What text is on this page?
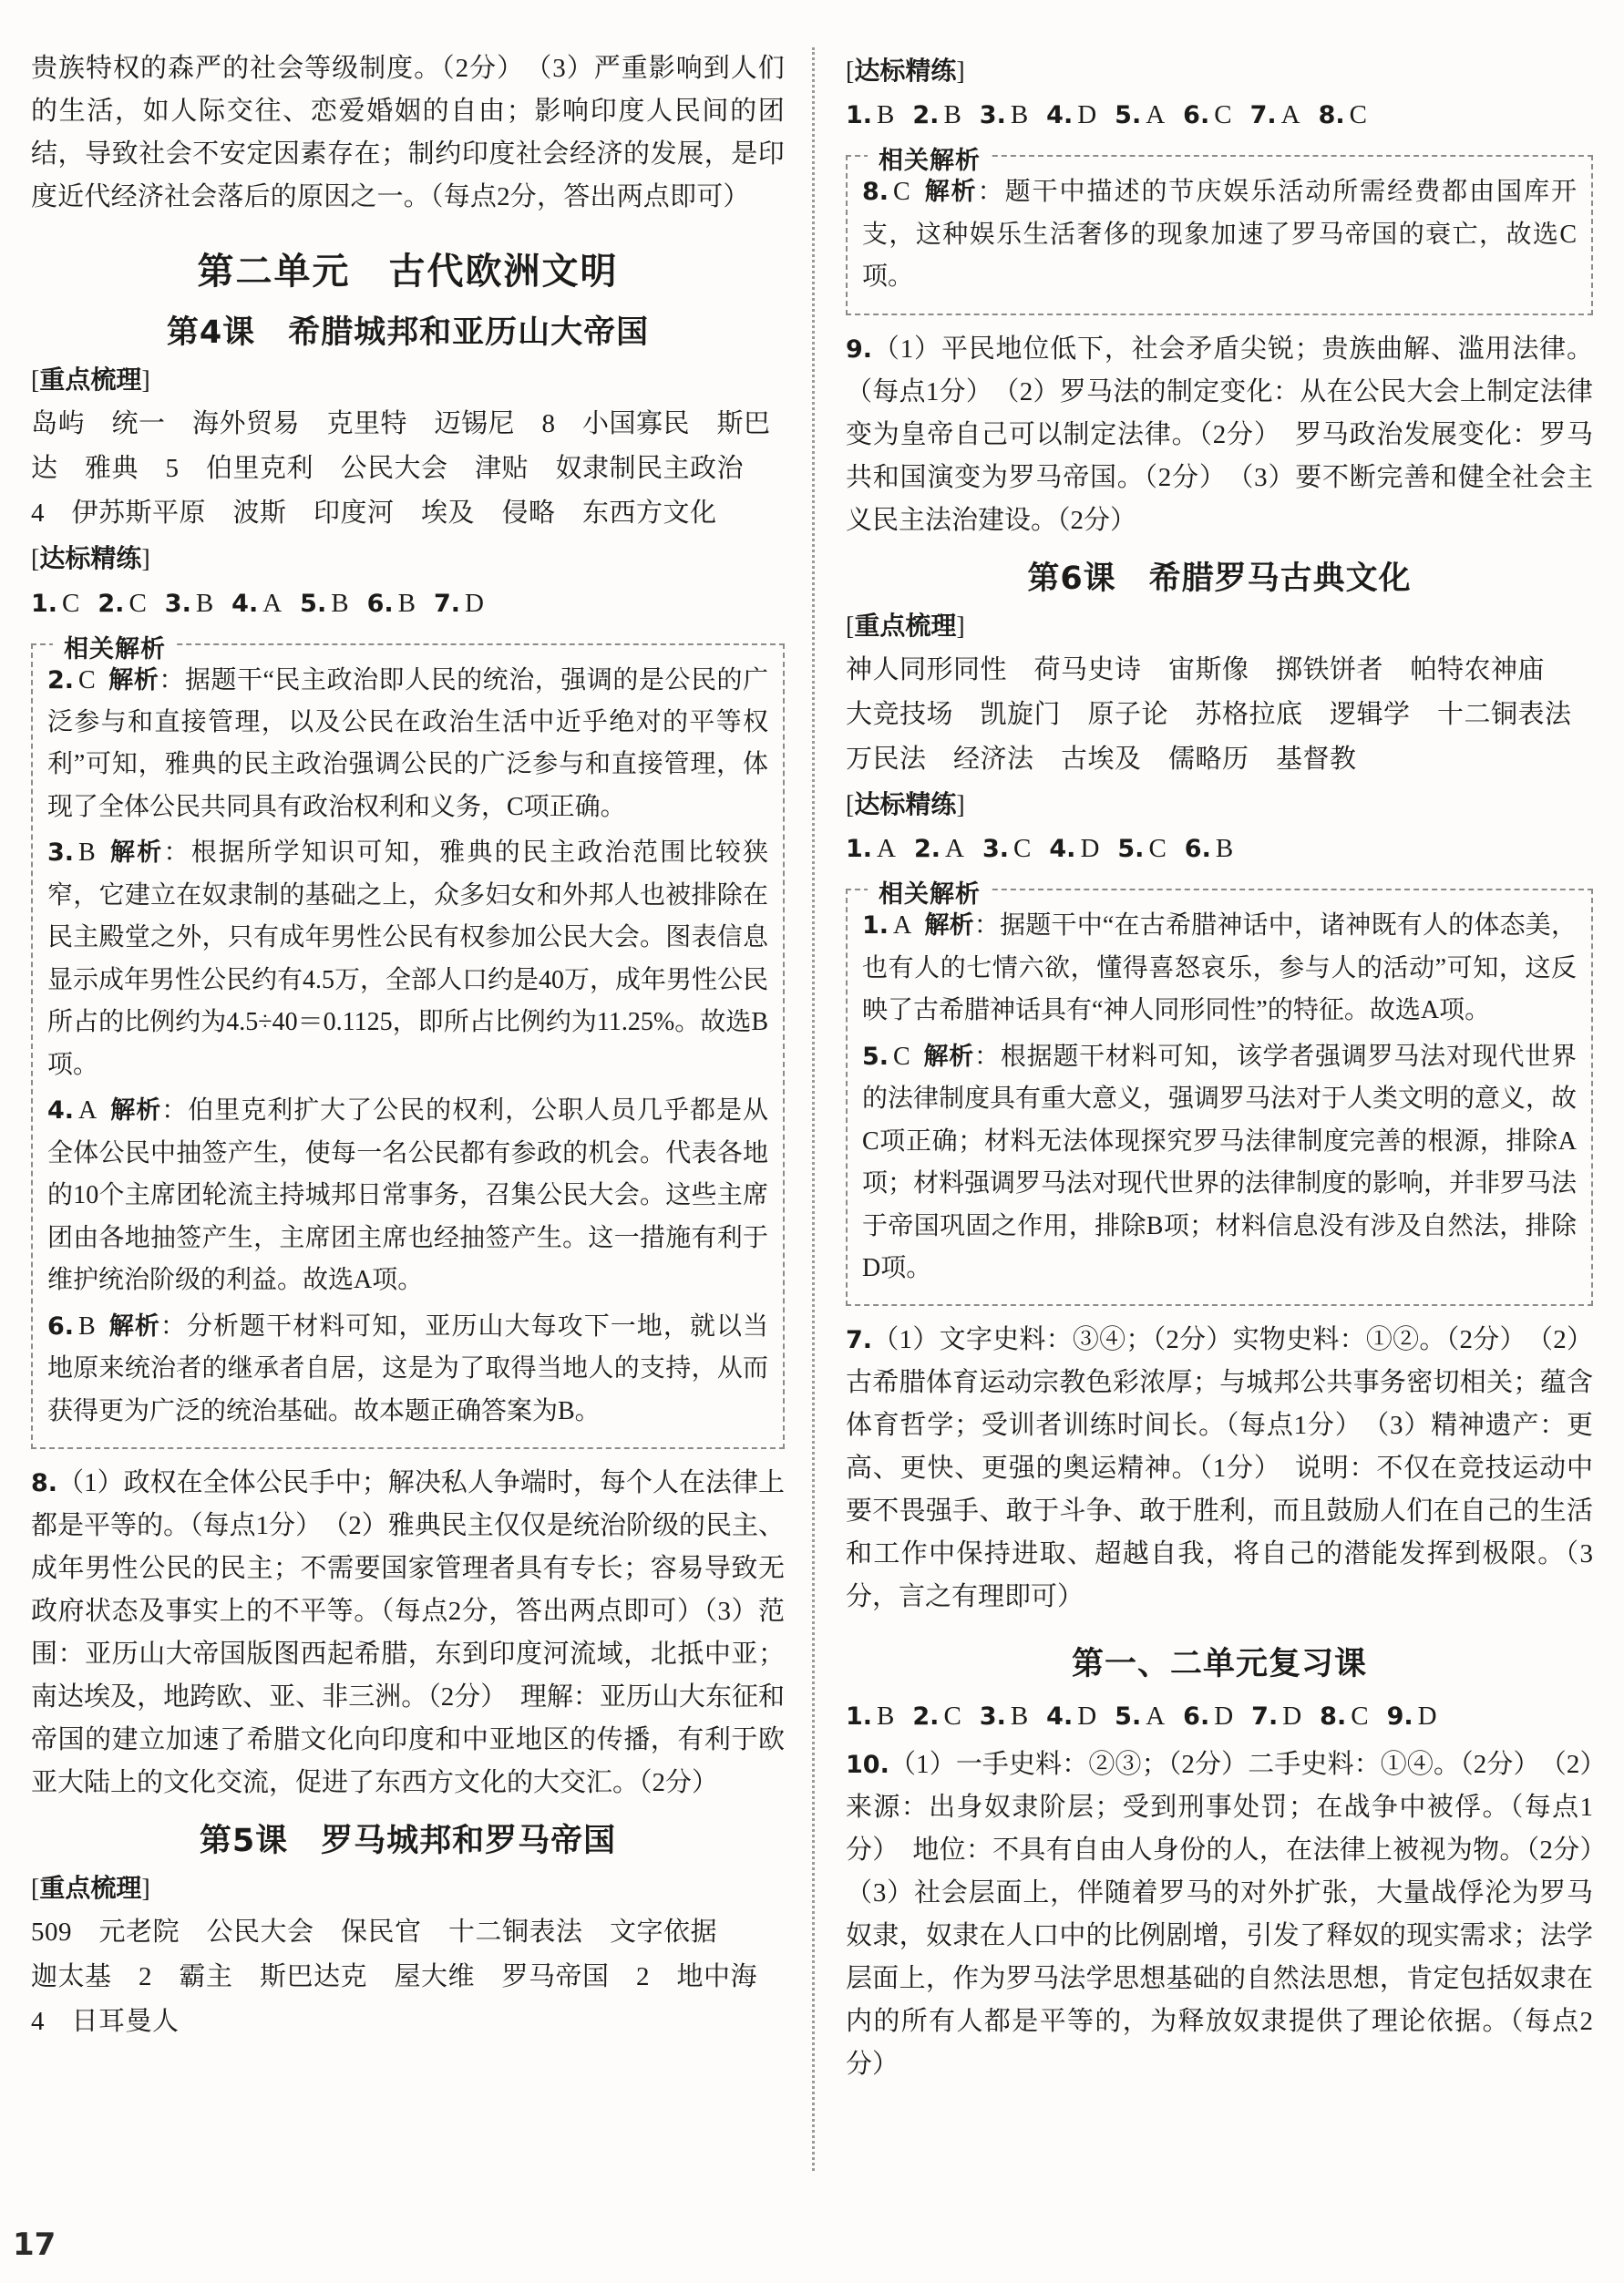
贵族特权的森严的社会等级制度。（2分）　（3）严重影响到人们的生活，如人际交往、恋爱婚姻的自由；影响印度人民间的团结，导致社会不安定因素存在；制约印度社会经济的发展，是印度近代经济社会落后的原因之一。（每点2分，答出两点即可）

第二单元　古代欧洲文明
第4课　希腊城邦和亚历山大帝国
[重点梳理]
岛屿　统一　海外贸易　克里特　迈锡尼　8　小国寡民　斯巴
达　雅典　5　伯里克利　公民大会　津贴　奴隶制民主政治
4　伊苏斯平原　波斯　印度河　埃及　侵略　东西方文化
[达标精练]
1. C 2. C 3. B 4. A 5. B 6. B 7. D
相关解析

2. C 解析：据题干“民主政治即人民的统治，强调的是公民的广泛参与和直接管理，以及公民在政治生活中近乎绝对的平等权利”可知，雅典的民主政治强调公民的广泛参与和直接管理，体现了全体公民共同具有政治权利和义务，C项正确。

3. B 解析：根据所学知识可知，雅典的民主政治范围比较狭窄，它建立在奴隶制的基础之上，众多妇女和外邦人也被排除在民主殿堂之外，只有成年男性公民有权参加公民大会。图表信息显示成年男性公民约有4.5万，全部人口约是40万，成年男性公民所占的比例约为4.5÷40＝0.1125，即所占比例约为11.25%。故选B项。

4. A 解析：伯里克利扩大了公民的权利，公职人员几乎都是从全体公民中抽签产生，使每一名公民都有参政的机会。代表各地的10个主席团轮流主持城邦日常事务，召集公民大会。这些主席团由各地抽签产生，主席团主席也经抽签产生。这一措施有利于维护统治阶级的利益。故选A项。

6. B 解析：分析题干材料可知，亚历山大每攻下一地，就以当地原来统治者的继承者自居，这是为了取得当地人的支持，从而获得更为广泛的统治基础。故本题正确答案为B。

8.（1）政权在全体公民手中；解决私人争端时，每个人在法律上都是平等的。（每点1分）　（2）雅典民主仅仅是统治阶级的民主、成年男性公民的民主；不需要国家管理者具有专长；容易导致无政府状态及事实上的不平等。（每点2分，答出两点即可）（3）范围：亚历山大帝国版图西起希腊，东到印度河流域，北抵中亚；南达埃及，地跨欧、亚、非三洲。（2分）　理解：亚历山大东征和帝国的建立加速了希腊文化向印度和中亚地区的传播，有利于欧亚大陆上的文化交流，促进了东西方文化的大交汇。（2分）

第5课　罗马城邦和罗马帝国
[重点梳理]
509　元老院　公民大会　保民官　十二铜表法　文字依据
迦太基　2　霸主　斯巴达克　屋大维　罗马帝国　2　地中海
4　日耳曼人
[达标精练]
1. B 2. B 3. B 4. D 5. A 6. C 7. A 8. C
相关解析

8. C 解析：题干中描述的节庆娱乐活动所需经费都由国库开支，这种娱乐生活奢侈的现象加速了罗马帝国的衰亡，故选C项。

9.（1）平民地位低下，社会矛盾尖锐；贵族曲解、滥用法律。（每点1分）　（2）罗马法的制定变化：从在公民大会上制定法律变为皇帝自己可以制定法律。（2分）　罗马政治发展变化：罗马共和国演变为罗马帝国。（2分）　（3）要不断完善和健全社会主义民主法治建设。（2分）

第6课　希腊罗马古典文化
[重点梳理]
神人同形同性　荷马史诗　宙斯像　掷铁饼者　帕特农神庙
大竞技场　凯旋门　原子论　苏格拉底　逻辑学　十二铜表法
万民法　经济法　古埃及　儒略历　基督教
[达标精练]
1. A 2. A 3. C 4. D 5. C 6. B
相关解析

1. A 解析：据题干中“在古希腊神话中，诸神既有人的体态美，也有人的七情六欲，懂得喜怒哀乐，参与人的活动”可知，这反映了古希腊神话具有“神人同形同性”的特征。故选A项。

5. C 解析：根据题干材料可知，该学者强调罗马法对现代世界的法律制度具有重大意义，强调罗马法对于人类文明的意义，故C项正确；材料无法体现探究罗马法律制度完善的根源，排除A项；材料强调罗马法对现代世界的法律制度的影响，并非罗马法于帝国巩固之作用，排除B项；材料信息没有涉及自然法，排除D项。

7.（1）文字史料：③④；（2分）实物史料：①②。（2分）　（2）古希腊体育运动宗教色彩浓厚；与城邦公共事务密切相关；蕴含体育哲学；受训者训练时间长。（每点1分）　（3）精神遗产：更高、更快、更强的奥运精神。（1分）　说明：不仅在竞技运动中要不畏强手、敢于斗争、敢于胜利，而且鼓励人们在自己的生活和工作中保持进取、超越自我，将自己的潜能发挥到极限。（3分，言之有理即可）

第一、二单元复习课
1. B 2. C 3. B 4. D 5. A 6. D 7. D 8. C 9. D

10.（1）一手史料：②③；（2分）二手史料：①④。（2分）　（2）来源：出身奴隶阶层；受到刑事处罚；在战争中被俘。（每点1分）　地位：不具有自由人身份的人，在法律上被视为物。（2分）（3）社会层面上，伴随着罗马的对外扩张，大量战俘沦为罗马奴隶，奴隶在人口中的比例剧增，引发了释奴的现实需求；法学层面上，作为罗马法学思想基础的自然法思想，肯定包括奴隶在内的所有人都是平等的，为释放奴隶提供了理论依据。（每点2分）

17
